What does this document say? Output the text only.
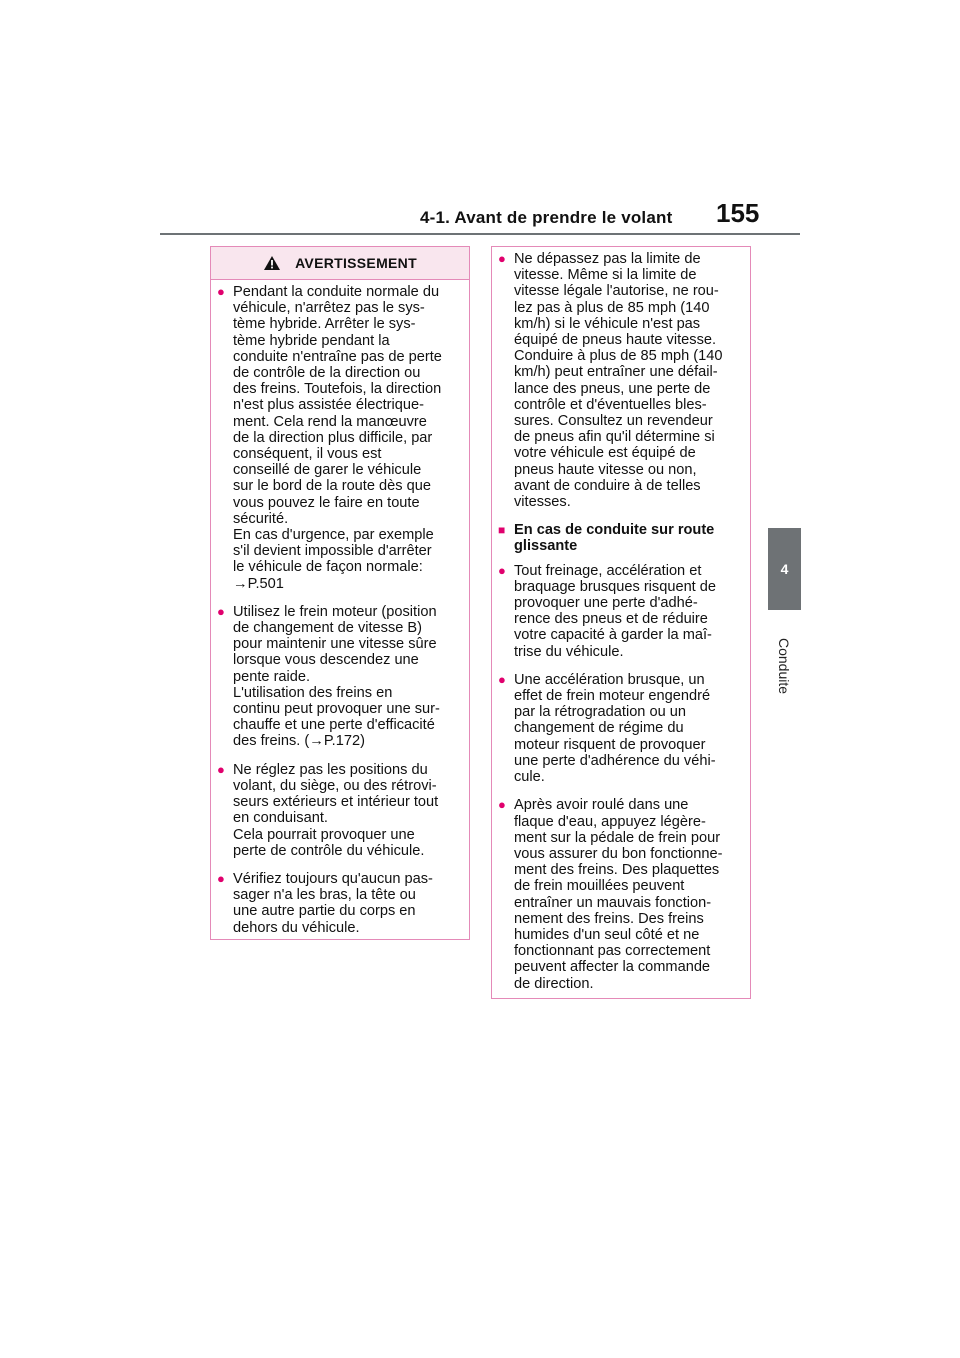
4-1. Avant de prendre le volant 155
4
Conduite
AVERTISSEMENT
● Pendant la conduite normale du
véhicule, n'arrêtez pas le sys-
tème hybride. Arrêter le sys-
tème hybride pendant la
conduite n'entraîne pas de perte
de contrôle de la direction ou
des freins. Toutefois, la direction
n'est plus assistée électrique-
ment. Cela rend la manœuvre
de la direction plus difficile, par
conséquent, il vous est
conseillé de garer le véhicule
sur le bord de la route dès que
vous pouvez le faire en toute
sécurité.
En cas d'urgence, par exemple
s'il devient impossible d'arrêter
le véhicule de façon normale:
→P.501
● Utilisez le frein moteur (position
de changement de vitesse B)
pour maintenir une vitesse sûre
lorsque vous descendez une
pente raide.
L'utilisation des freins en
continu peut provoquer une sur-
chauffe et une perte d'efficacité
des freins. (→P.172)
● Ne réglez pas les positions du
volant, du siège, ou des rétrovi-
seurs extérieurs et intérieur tout
en conduisant.
Cela pourrait provoquer une
perte de contrôle du véhicule.
● Vérifiez toujours qu'aucun pas-
sager n'a les bras, la tête ou
une autre partie du corps en
dehors du véhicule.
● Ne dépassez pas la limite de
vitesse. Même si la limite de
vitesse légale l'autorise, ne rou-
lez pas à plus de 85 mph (140
km/h) si le véhicule n'est pas
équipé de pneus haute vitesse.
Conduire à plus de 85 mph (140
km/h) peut entraîner une défail-
lance des pneus, une perte de
contrôle et d'éventuelles bles-
sures. Consultez un revendeur
de pneus afin qu'il détermine si
votre véhicule est équipé de
pneus haute vitesse ou non,
avant de conduire à de telles
vitesses.
■ En cas de conduite sur route
glissante
● Tout freinage, accélération et
braquage brusques risquent de
provoquer une perte d'adhé-
rence des pneus et de réduire
votre capacité à garder la maî-
trise du véhicule.
● Une accélération brusque, un
effet de frein moteur engendré
par la rétrogradation ou un
changement de régime du
moteur risquent de provoquer
une perte d'adhérence du véhi-
cule.
● Après avoir roulé dans une
flaque d'eau, appuyez légère-
ment sur la pédale de frein pour
vous assurer du bon fonctionne-
ment des freins. Des plaquettes
de frein mouillées peuvent
entraîner un mauvais fonction-
nement des freins. Des freins
humides d'un seul côté et ne
fonctionnant pas correctement
peuvent affecter la commande
de direction.
